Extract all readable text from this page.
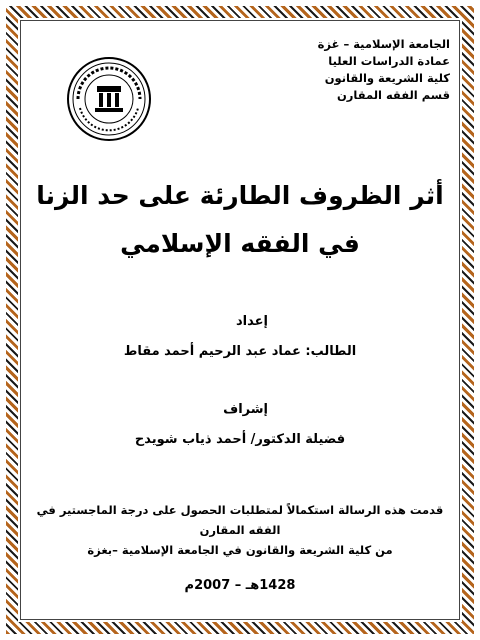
الجامعة الإسلامية – غزة
عمادة الدراسات العليا
كلية الشريعة والقانون
قسم الفقه المقارن
أثر الظروف الطارئة على حد الزنا
في الفقه الإسلامي
إعداد
الطالب: عماد عبد الرحيم أحمد مقاط
إشراف
فضيلة الدكتور/ أحمد ذياب شويدح
قدمت هذه الرسالة استكمالاً لمتطلبات الحصول على درجة الماجستير في الفقه المقارن
من كلية الشريعة والقانون في الجامعة الإسلامية –بغزة
1428هـ – 2007م
